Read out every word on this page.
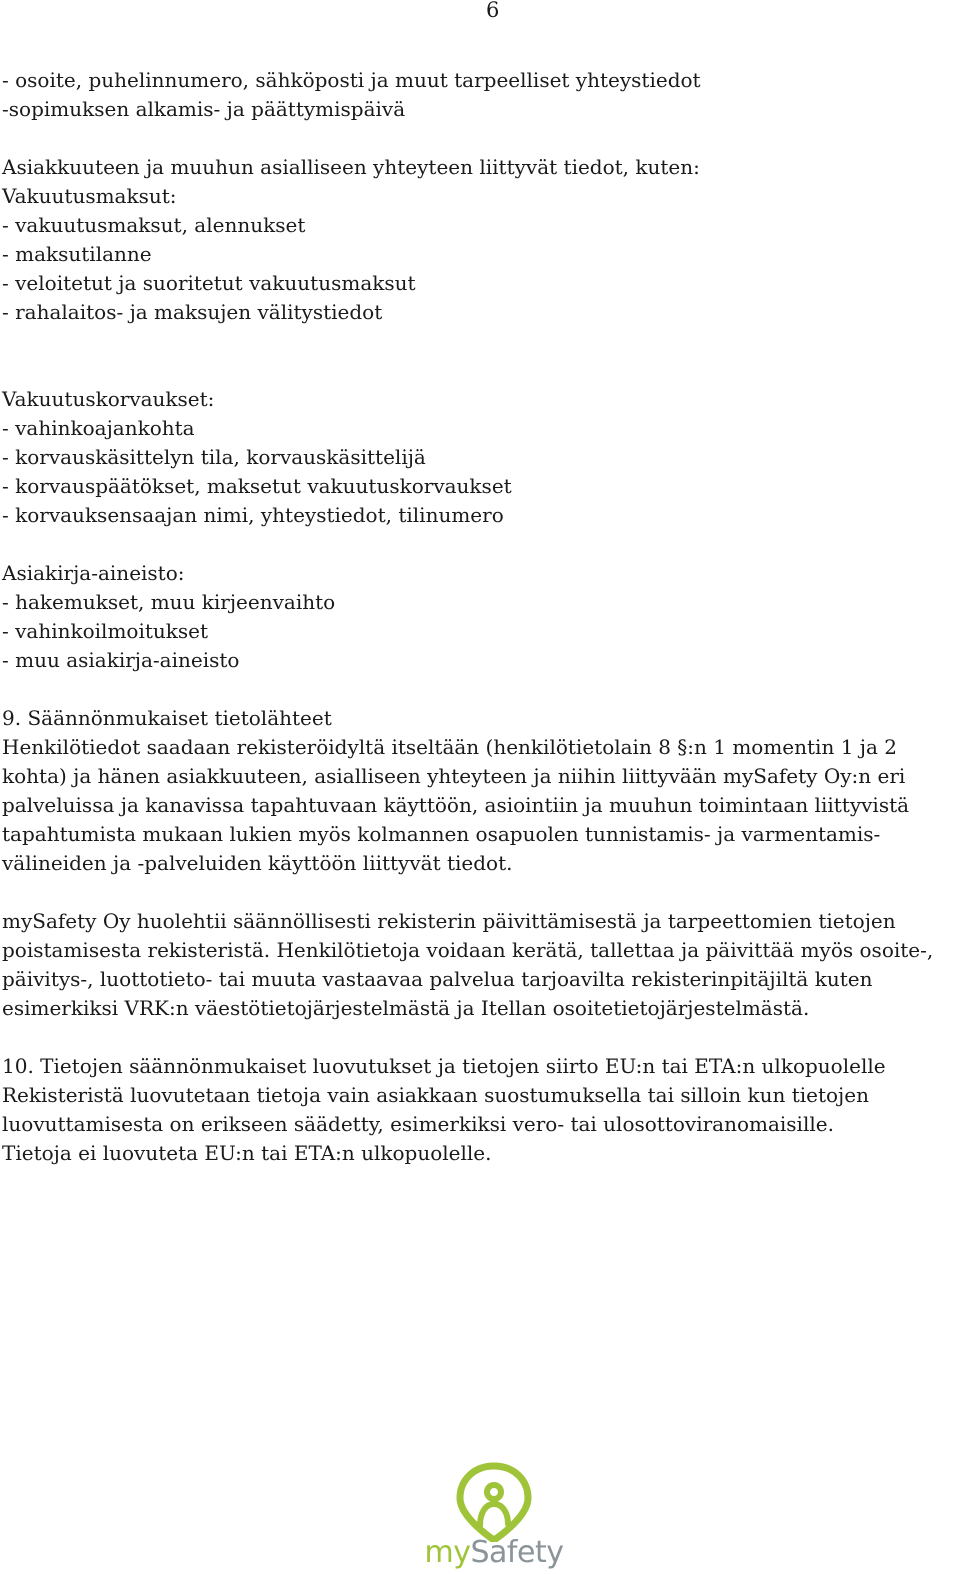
6
- osoite, puhelinnumero, sähköposti ja muut tarpeelliset yhteystiedot
-sopimuksen alkamis- ja päättymispäivä
Asiakkuuteen ja muuhun asialliseen yhteyteen liittyvät tiedot, kuten:
Vakuutusmaksut:
- vakuutusmaksut, alennukset
- maksutilanne
- veloitetut ja suoritetut vakuutusmaksut
- rahalaitos- ja maksujen välitystiedot
Vakuutuskorvaukset:
- vahinkoajankohta
- korvauskäsittelyn tila, korvauskäsittelijä
- korvauspäätökset, maksetut vakuutuskorvaukset
- korvauksensaajan nimi, yhteystiedot, tilinumero
Asiakirja-aineisto:
- hakemukset, muu kirjeenvaihto
- vahinkoilmoitukset
- muu asiakirja-aineisto
9. Säännönmukaiset tietolähteet
Henkilötiedot saadaan rekisteröidyltä itseltään (henkilötietolain 8 §:n 1 momentin 1 ja 2
kohta) ja hänen asiakkuuteen, asialliseen yhteyteen ja niihin liittyvään mySafety Oy:n eri
palveluissa ja kanavissa tapahtuvaan käyttöön, asiointiin ja muuhun toimintaan liittyvistä
tapahtumista mukaan lukien myös kolmannen osapuolen tunnistamis- ja varmentamis-
välineiden ja -palveluiden käyttöön liittyvät tiedot.
mySafety Oy huolehtii säännöllisesti rekisterin päivittämisestä ja tarpeettomien tietojen
poistamisesta rekisteristä. Henkilötietoja voidaan kerätä, tallettaa ja päivittää myös osoite-,
päivitys-, luottotieto- tai muuta vastaavaa palvelua tarjoavilta rekisterinpitäjiltä kuten
esimerkiksi VRK:n väestötietojärjestelmästä ja Itellan osoitetietojärjestelmästä.
10. Tietojen säännönmukaiset luovutukset ja tietojen siirto EU:n tai ETA:n ulkopuolelle
Rekisteristä luovutetaan tietoja vain asiakkaan suostumuksella tai silloin kun tietojen
luovuttamisesta on erikseen säädetty, esimerkiksi vero- tai ulosottoviranomaisille.
Tietoja ei luovuteta EU:n tai ETA:n ulkopuolelle.
mySafety
